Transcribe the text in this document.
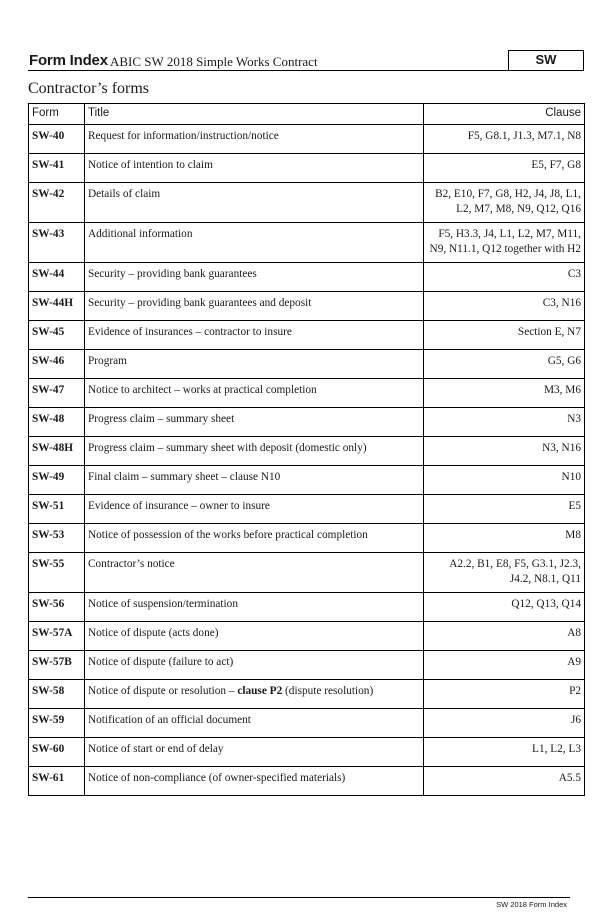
Form Index ABIC SW 2018 Simple Works Contract	SW
Contractor’s forms
Form	Title	Clause
SW-40	Request for information/instruction/notice	F5, G8.1, J1.3, M7.1, N8
SW-41	Notice of intention to claim	E5, F7, G8
SW-42	Details of claim	B2, E10, F7, G8, H2, J4, J8, L1, L2, M7, M8, N9, Q12, Q16
SW-43	Additional information	F5, H3.3, J4, L1, L2, M7, M11, N9, N11.1, Q12 together with H2
SW-44	Security – providing bank guarantees	C3
SW-44H	Security – providing bank guarantees and deposit	C3, N16
SW-45	Evidence of insurances – contractor to insure	Section E, N7
SW-46	Program	G5, G6
SW-47	Notice to architect – works at practical completion	M3, M6
SW-48	Progress claim – summary sheet	N3
SW-48H	Progress claim – summary sheet with deposit (domestic only)	N3, N16
SW-49	Final claim – summary sheet – clause N10	N10
SW-51	Evidence of insurance – owner to insure	E5
SW-53	Notice of possession of the works before practical completion	M8
SW-55	Contractor’s notice	A2.2, B1, E8, F5, G3.1, J2.3, J4.2, N8.1, Q11
SW-56	Notice of suspension/termination	Q12, Q13, Q14
SW-57A	Notice of dispute (acts done)	A8
SW-57B	Notice of dispute (failure to act)	A9
SW-58	Notice of dispute or resolution – clause P2 (dispute resolution)	P2
SW-59	Notification of an official document	J6
SW-60	Notice of start or end of delay	L1, L2, L3
SW-61	Notice of non-compliance (of owner-specified materials)	A5.5
SW 2018 Form Index
